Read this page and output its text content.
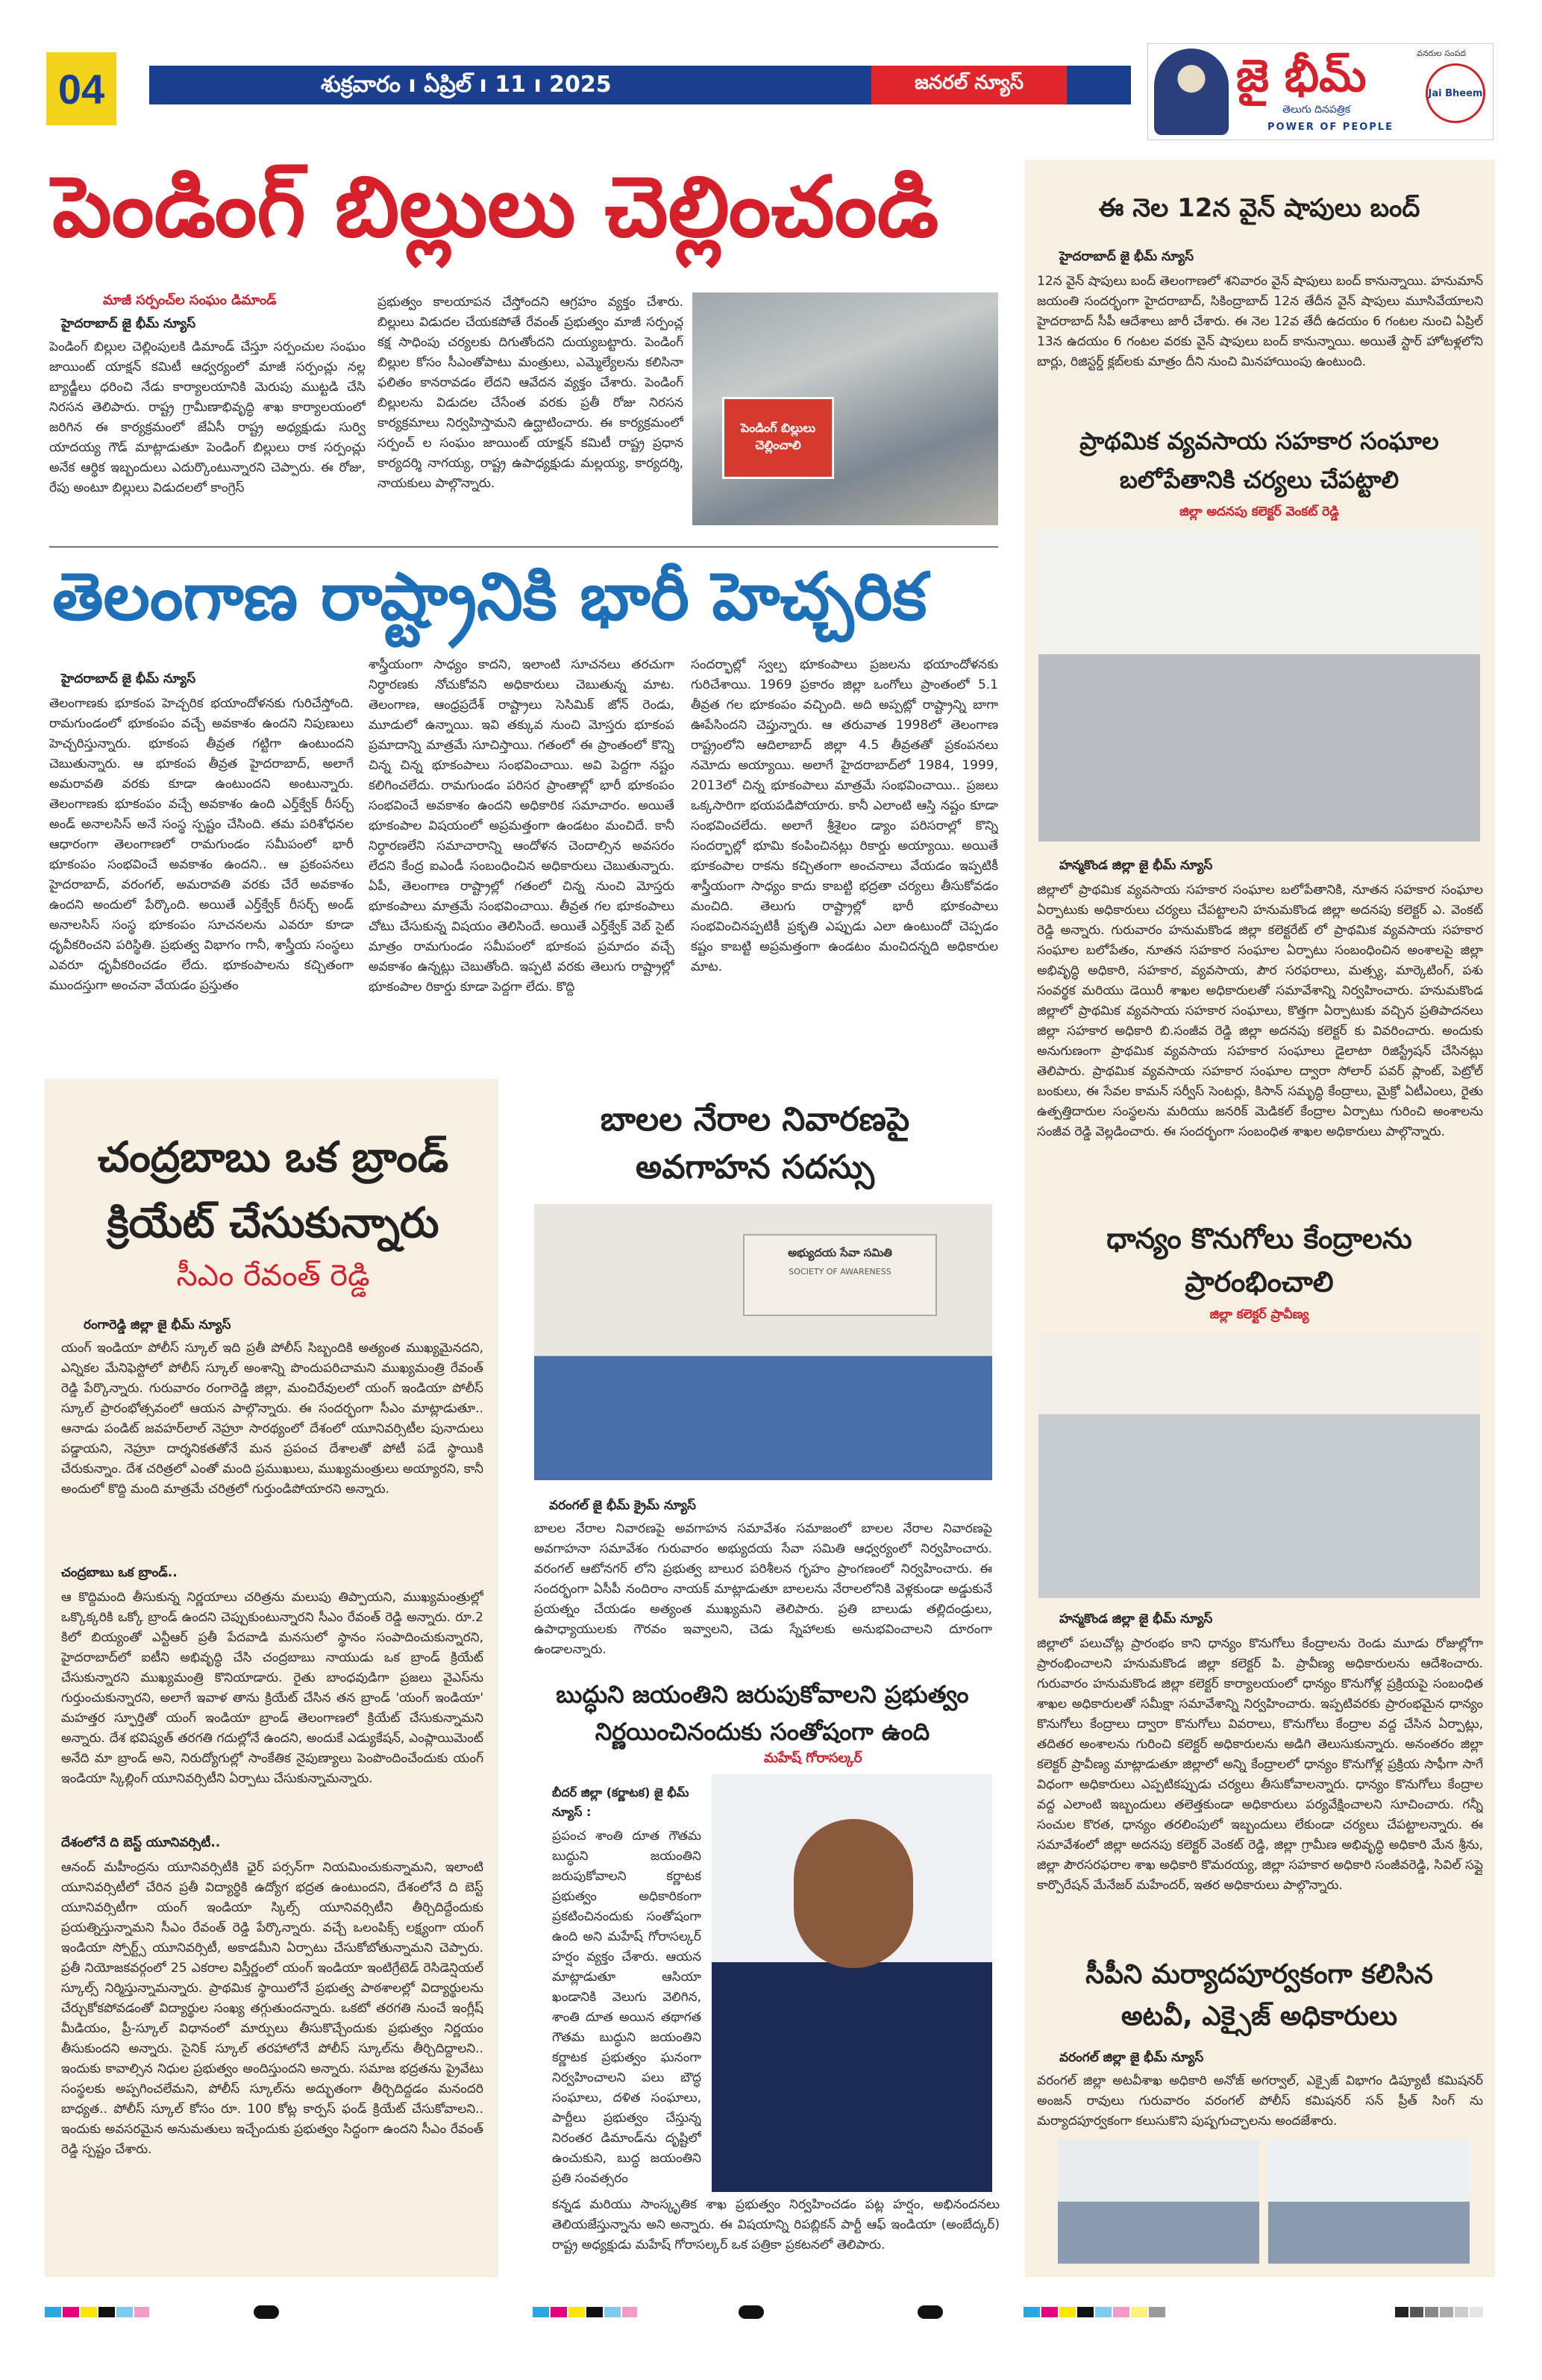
04	శుక్రవారం ı ఏప్రిల్ ı 11 ı 2025	జనరల్ న్యూస్
వనరుల సంపద
జై భీమ్
తెలుగు దినపత్రిక
POWER OF PEOPLE
Jai Bheem
పెండింగ్ బిల్లులు చెల్లించండి
మాజీ సర్పంచ్‌ల సంఘం డిమాండ్
హైదరాబాద్ జై భీమ్ న్యూస్
పెండింగ్ బిల్లుల చెల్లింపులకి డిమాండ్ చేస్తూ సర్పంచుల సంఘం జాయింట్ యాక్షన్ కమిటీ ఆధ్వర్యంలో మాజీ సర్పంచ్లు నల్ల బ్యాడ్జీలు ధరించి నేడు కార్యాలయానికి మెరుపు ముట్టడి చేసి నిరసన తెలిపారు. రాష్ట్ర గ్రామీణాభివృద్ధి శాఖ కార్యాలయంలో జరిగిన ఈ కార్యక్రమంలో జేఏసీ రాష్ట్ర అధ్యక్షుడు సుర్వి యాదయ్య గౌడ్ మాట్లాడుతూ పెండింగ్ బిల్లులు రాక సర్పంచ్లు అనేక ఆర్థిక ఇబ్బందులు ఎదుర్కొంటున్నారని చెప్పారు. ఈ రోజు, రేపు అంటూ బిల్లులు విడుదలలో కాంగ్రెస్
ప్రభుత్వం కాలయాపన చేస్తోందని ఆగ్రహం వ్యక్తం చేశారు. బిల్లులు విడుదల చేయకపోతే రేవంత్ ప్రభుత్వం మాజీ సర్పంచ్ల కక్ష సాధింపు చర్యలకు దిగుతోందని దుయ్యబట్టారు. పెండింగ్ బిల్లుల కోసం సీఎంతోపాటు మంత్రులు, ఎమ్మెల్యేలను కలిసినా ఫలితం కానరావడం లేదని ఆవేదన వ్యక్తం చేశారు. పెండింగ్ బిల్లులను విడుదల చేసేంత వరకు ప్రతీ రోజు నిరసన కార్యక్రమాలు నిర్వహిస్తామని ఉద్ఘాటించారు. ఈ కార్యక్రమంలో సర్పంచ్ ల సంఘం జాయింట్ యాక్షన్ కమిటీ రాష్ట్ర ప్రధాన కార్యదర్శి నాగయ్య, రాష్ట్ర ఉపాధ్యక్షుడు మల్లయ్య, కార్యదర్శి, నాయకులు పాల్గొన్నారు.
పెండింగ్ బిల్లులు చెల్లించాలి
తెలంగాణ రాష్ట్రానికి భారీ హెచ్చరిక
హైదరాబాద్ జై భీమ్ న్యూస్
తెలంగాణకు భూకంప హెచ్చరిక భయాందోళనకు గురిచేస్తోంది. రామగుండంలో భూకంపం వచ్చే అవకాశం ఉందని నిపుణులు హెచ్చరిస్తున్నారు. భూకంప తీవ్రత గట్టిగా ఉంటుందని చెబుతున్నారు. ఆ భూకంప తీవ్రత హైదరాబాద్, అలాగే అమరావతి వరకు కూడా ఉంటుందని అంటున్నారు. తెలంగాణకు భూకంపం వచ్చే అవకాశం ఉంది ఎర్త్‌క్వేక్ రీసర్చ్ అండ్ అనాలసిస్ అనే సంస్థ స్పష్టం చేసింది. తమ పరిశోధనల ఆధారంగా తెలంగాణలో రామగుండం సమీపంలో భారీ భూకంపం సంభవించే అవకాశం ఉందని.. ఆ ప్రకంపనలు హైదరాబాద్, వరంగల్, అమరావతి వరకు చేరే అవకాశం ఉందని అందులో పేర్కొంది. అయితే ఎర్త్‌క్వేక్ రీసర్చ్ అండ్ అనాలసిస్ సంస్థ భూకంపం సూచనలను ఎవరూ కూడా ధృవీకరించని పరిస్థితి. ప్రభుత్వ విభాగం గానీ, శాస్త్రీయ సంస్థలు ఎవరూ ధృవీకరించడం లేదు. భూకంపాలను కచ్చితంగా ముందస్తుగా అంచనా వేయడం ప్రస్తుతం
శాస్త్రీయంగా సాధ్యం కాదని, ఇలాంటి సూచనలు తరచుగా నిర్ధారణకు నోచుకోవని అధికారులు చెబుతున్న మాట. తెలంగాణ, ఆంధ్రప్రదేశ్ రాష్ట్రాలు సెసిమిక్ జోన్ రెండు, మూడులో ఉన్నాయి. ఇవి తక్కువ నుంచి మోస్తరు భూకంప ప్రమాదాన్ని మాత్రమే సూచిస్తాయి. గతంలో ఈ ప్రాంతంలో కొన్ని చిన్న చిన్న భూకంపాలు సంభవించాయి. అవి పెద్దగా నష్టం కలిగించలేదు. రామగుండం పరిసర ప్రాంతాల్లో భారీ భూకంపం సంభవించే అవకాశం ఉందని అధికారిక సమాచారం. అయితే భూకంపాల విషయంలో అప్రమత్తంగా ఉండటం మంచిదే. కానీ నిర్ధారణలేని సమాచారాన్ని ఆందోళన చెందాల్సిన అవసరం లేదని కేంద్ర ఐఎండీ సంబంధించిన అధికారులు చెబుతున్నారు. ఏపీ, తెలంగాణ రాష్ట్రాల్లో గతంలో చిన్న నుంచి మోస్తరు భూకంపాలు మాత్రమే సంభవించాయి. తీవ్రత గల భూకంపాలు చోటు చేసుకున్న విషయం తెలిసిందే. అయితే ఎర్త్‌క్వేక్ వెబ్ సైట్ మాత్రం రామగుండం సమీపంలో భూకంప ప్రమాదం వచ్చే అవకాశం ఉన్నట్లు చెబుతోంది. ఇప్పటి వరకు తెలుగు రాష్ట్రాల్లో భూకంపాల రికార్డు కూడా పెద్దగా లేదు. కొద్ది
సందర్భాల్లో స్వల్ప భూకంపాలు ప్రజలను భయాందోళనకు గురిచేశాయి. 1969 ప్రకారం జిల్లా ఒంగోలు ప్రాంతంలో 5.1 తీవ్రత గల భూకంపం వచ్చింది. అది అప్పట్లో రాష్ట్రాన్ని బాగా ఊపేసిందని చెప్తున్నారు. ఆ తరువాత 1998లో తెలంగాణ రాష్ట్రంలోని ఆదిలాబాద్ జిల్లా 4.5 తీవ్రతతో ప్రకంపనలు నమోదు అయ్యాయి. అలాగే హైదరాబాద్‌లో 1984, 1999, 2013లో చిన్న భూకంపాలు మాత్రమే సంభవించాయి.. ప్రజలు ఒక్కసారిగా భయపడిపోయారు. కానీ ఎలాంటి ఆస్తి నష్టం కూడా సంభవించలేదు. అలాగే శ్రీశైలం డ్యాం పరిసరాల్లో కొన్ని సందర్భాల్లో భూమి కంపించినట్లు రికార్డు అయ్యాయి. అయితే భూకంపాల రాకను కచ్చితంగా అంచనాలు వేయడం ఇప్పటికీ శాస్త్రీయంగా సాధ్యం కాదు కాబట్టి భద్రతా చర్యలు తీసుకోవడం మంచిది. తెలుగు రాష్ట్రాల్లో భారీ భూకంపాలు సంభవించినప్పటికీ ప్రకృతి ఎప్పుడు ఎలా ఉంటుందో చెప్పడం కష్టం కాబట్టి అప్రమత్తంగా ఉండటం మంచిదన్నది అధికారుల మాట.
చంద్రబాబు ఒక బ్రాండ్
క్రియేట్ చేసుకున్నారు
సీఎం రేవంత్ రెడ్డి
రంగారెడ్డి జిల్లా జై భీమ్ న్యూస్
యంగ్ ఇండియా పోలీస్ స్కూల్ ఇది ప్రతీ పోలీస్ సిబ్బందికి అత్యంత ముఖ్యమైనదని, ఎన్నికల మేనిఫెస్టోలో పోలీస్ స్కూల్ అంశాన్ని పొందుపరిచామని ముఖ్యమంత్రి రేవంత్ రెడ్డి పేర్కొన్నారు. గురువారం రంగారెడ్డి జిల్లా, మంచిరేవులలో యంగ్ ఇండియా పోలీస్ స్కూల్ ప్రారంభోత్సవంలో ఆయన పాల్గొన్నారు. ఈ సందర్భంగా సీఎం మాట్లాడుతూ.. ఆనాడు పండిట్ జవహర్‌లాల్ నెహ్రూ సారథ్యంలో దేశంలో యూనివర్సిటీల పునాదులు పడ్డాయని, నెహ్రూ దార్శనికతతోనే మన ప్రపంచ దేశాలతో పోటీ పడే స్థాయికి చేరుకున్నాం. దేశ చరిత్రలో ఎంతో మంది ప్రముఖులు, ముఖ్యమంత్రులు అయ్యారని, కానీ అందులో కొద్ది మంది మాత్రమే చరిత్రలో గుర్తుండిపోయారని అన్నారు.
చంద్రబాబు ఒక బ్రాండ్..
ఆ కొద్దిమంది తీసుకున్న నిర్ణయాలు చరిత్రను మలుపు తిప్పాయని, ముఖ్యమంత్రుల్లో ఒక్కొక్కరికి ఒక్కో బ్రాండ్ ఉందని చెప్పుకుంటున్నారని సీఎం రేవంత్ రెడ్డి అన్నారు. రూ.2 కిలో బియ్యంతో ఎన్టీఆర్ ప్రతీ పేదవాడి మనసులో స్థానం సంపాదించుకున్నారని, హైదరాబాద్‌లో ఐటీని అభివృద్ధి చేసి చంద్రబాబు నాయుడు ఒక బ్రాండ్ క్రియేట్ చేసుకున్నారని ముఖ్యమంత్రి కొనియాడారు. రైతు బాంధవుడిగా ప్రజలు వైఎస్‌ను గుర్తుంచుకున్నారని, అలాగే ఇవాళ తాను క్రియేట్ చేసిన తన బ్రాండ్ 'యంగ్ ఇండియా' మహత్తర స్ఫూర్తితో యంగ్ ఇండియా బ్రాండ్ తెలంగాణలో క్రియేట్ చేసుకున్నామని అన్నారు. దేశ భవిష్యత్ తరగతి గదుల్లోనే ఉందని, అందుకే ఎడ్యుకేషన్, ఎంప్లాయిమెంట్ అనేది మా బ్రాండ్ అని, నిరుద్యోగుల్లో సాంకేతిక నైపుణ్యాలు పెంపొందించేందుకు యంగ్ ఇండియా స్కిల్లింగ్ యూనివర్సిటీని ఏర్పాటు చేసుకున్నామన్నారు.
దేశంలోనే ది బెస్ట్ యూనివర్సిటీ..
ఆనంద్ మహీంద్రను యూనివర్సిటీకి ఛైర్ పర్సన్‌గా నియమించుకున్నామని, ఇలాంటి యూనివర్సిటీలో చేరిన ప్రతీ విద్యార్థికి ఉద్యోగ భద్రత ఉంటుందని, దేశంలోనే ది బెస్ట్ యూనివర్సిటీగా యంగ్ ఇండియా స్కిల్స్ యూనివర్సిటీని తీర్చిదిద్దేందుకు ప్రయత్నిస్తున్నామని సీఎం రేవంత్ రెడ్డి పేర్కొన్నారు. వచ్చే ఒలంపిక్స్ లక్ష్యంగా యంగ్ ఇండియా స్పోర్ట్స్ యూనివర్సిటీ, అకాడమీని ఏర్పాటు చేసుకోబోతున్నామని చెప్పారు. ప్రతీ నియోజకవర్గంలో 25 ఎకరాల విస్తీర్ణంలో యంగ్ ఇండియా ఇంటిగ్రేటెడ్ రెసిడెన్షియల్ స్కూల్స్ నిర్మిస్తున్నామన్నారు. ప్రాథమిక స్థాయిలోనే ప్రభుత్వ పాఠశాలల్లో విద్యార్థులను చేర్చుకోకపోవడంతో విద్యార్థుల సంఖ్య తగ్గుతుందన్నారు. ఒకటో తరగతి నుంచే ఇంగ్లీష్ మీడియం, ప్రీ-స్కూల్ విధానంలో మార్పులు తీసుకొచ్చేందుకు ప్రభుత్వం నిర్ణయం తీసుకుందని అన్నారు. సైనిక్ స్కూల్ తరహాలోనే పోలీస్ స్కూల్‌ను తీర్చిదిద్దాలని.. ఇందుకు కావాల్సిన నిధుల ప్రభుత్వం అందిస్తుందని అన్నారు. సమాజ భద్రతను ప్రైవేటు సంస్థలకు అప్పగించలేమని, పోలీస్ స్కూల్‌ను అద్భుతంగా తీర్చిదిద్దడం మనందరి బాధ్యత.. పోలీస్ స్కూల్ కోసం రూ. 100 కోట్ల కార్పస్ ఫండ్ క్రియేట్ చేసుకోవాలని.. ఇందుకు అవసరమైన అనుమతులు ఇచ్చేందుకు ప్రభుత్వం సిద్ధంగా ఉందని సీఎం రేవంత్ రెడ్డి స్పష్టం చేశారు.
బాలల నేరాల నివారణపై
అవగాహన సదస్సు
అభ్యుదయ సేవా సమితి
SOCIETY OF AWARENESS
వరంగల్ జై భీమ్ క్రైమ్ న్యూస్
బాలల నేరాల నివారణపై అవగాహన సమావేశం సమాజంలో బాలల నేరాల నివారణపై అవగాహనా సమావేశం గురువారం అభ్యుదయ సేవా సమితి ఆధ్వర్యంలో నిర్వహించారు. వరంగల్ ఆటోనగర్ లోని ప్రభుత్వ బాలుర పరిశీలన గృహం ప్రాంగణంలో నిర్వహించారు. ఈ సందర్భంగా ఏసీపీ నందిరాం నాయక్ మాట్లాడుతూ బాలలను నేరాలలోనికి వెళ్లకుండా అడ్డుకునే ప్రయత్నం చేయడం అత్యంత ముఖ్యమని తెలిపారు. ప్రతి బాలుడు తల్లిదండ్రులు, ఉపాధ్యాయులకు గౌరవం ఇవ్వాలని, చెడు స్నేహాలకు అనుభవించాలని దూరంగా ఉండాలన్నారు.
బుద్ధుని జయంతిని జరుపుకోవాలని ప్రభుత్వం
నిర్ణయించినందుకు సంతోషంగా ఉంది
మహేష్ గోరాసల్కర్
బీదర్ జిల్లా (కర్ణాటక) జై భీమ్ న్యూస్ :
ప్రపంచ శాంతి దూత గౌతమ బుద్ధుని జయంతిని జరుపుకోవాలని కర్ణాటక ప్రభుత్వం అధికారికంగా ప్రకటించినందుకు సంతోషంగా ఉంది అని మహేష్ గోరాసల్కర్ హర్షం వ్యక్తం చేశారు. ఆయన మాట్లాడుతూ ఆసియా ఖండానికి వెలుగు వెలిగిన, శాంతి దూత అయిన తథాగత గౌతమ బుద్ధుని జయంతిని కర్ణాటక ప్రభుత్వం ఘనంగా నిర్వహించాలని పలు బౌద్ధ సంఘాలు, దళిత సంఘాలు, పార్టీలు ప్రభుత్వం చేస్తున్న నిరంతర డిమాండ్‌ను దృష్టిలో ఉంచుకుని, బుద్ధ జయంతిని ప్రతి సంవత్సరం
కన్నడ మరియు సాంస్కృతిక శాఖ ప్రభుత్వం నిర్వహించడం పట్ల హర్షం, అభినందనలు తెలియజేస్తున్నాను అని అన్నారు. ఈ విషయాన్ని రిపబ్లికన్ పార్టీ ఆఫ్ ఇండియా (అంబేద్కర్) రాష్ట్ర అధ్యక్షుడు మహేష్ గోరాసల్కర్ ఒక పత్రికా ప్రకటనలో తెలిపారు.
ఈ నెల 12న వైన్ షాపులు బంద్
హైదరాబాద్ జై భీమ్ న్యూస్
12న వైన్ షాపులు బంద్ తెలంగాణలో శనివారం వైన్ షాపులు బంద్ కానున్నాయి. హనుమాన్ జయంతి సందర్భంగా హైదరాబాద్, సికింద్రాబాద్ 12న తేదీన వైన్ షాపులు మూసివేయాలని హైదరాబాద్ సీపీ ఆదేశాలు జారీ చేశారు. ఈ నెల 12వ తేదీ ఉదయం 6 గంటల నుంచి ఏప్రిల్ 13న ఉదయం 6 గంటల వరకు వైన్ షాపులు బంద్ కానున్నాయి. అయితే స్టార్ హోటళ్లలోని బార్లు, రిజిస్టర్డ్ క్లబ్‌లకు మాత్రం దీని నుంచి మినహాయింపు ఉంటుంది.
ప్రాథమిక వ్యవసాయ సహకార సంఘాల
బలోపేతానికి చర్యలు చేపట్టాలి
జిల్లా అదనపు కలెక్టర్ వెంకట్ రెడ్డి
హన్మకొండ జిల్లా జై భీమ్ న్యూస్
జిల్లాలో ప్రాథమిక వ్యవసాయ సహకార సంఘాల బలోపేతానికి, నూతన సహకార సంఘాల ఏర్పాటుకు అధికారులు చర్యలు చేపట్టాలని హనుమకొండ జిల్లా అదనపు కలెక్టర్ ఎ. వెంకట్ రెడ్డి అన్నారు. గురువారం హనుమకొండ జిల్లా కలెక్టరేట్ లో ప్రాథమిక వ్యవసాయ సహకార సంఘాల బలోపేతం, నూతన సహకార సంఘాల ఏర్పాటు సంబంధించిన అంశాలపై జిల్లా అభివృద్ధి అధికారి, సహకార, వ్యవసాయ, పౌర సరఫరాలు, మత్స్య, మార్కెటింగ్, పశు సంవర్థక మరియు డెయిరీ శాఖల అధికారులతో సమావేశాన్ని నిర్వహించారు. హనుమకొండ జిల్లాలో ప్రాథమిక వ్యవసాయ సహకార సంఘాలు, కొత్తగా ఏర్పాటుకు వచ్చిన ప్రతిపాదనలు జిల్లా సహకార అధికారి బి.సంజీవ రెడ్డి జిల్లా అదనపు కలెక్టర్ కు వివరించారు. అందుకు అనుగుణంగా ప్రాథమిక వ్యవసాయ సహకార సంఘాలు డైలాటా రిజిస్ట్రేషన్ చేసినట్లు తెలిపారు. ప్రాథమిక వ్యవసాయ సహకార సంఘాల ద్వారా సోలార్ పవర్ ప్లాంట్, పెట్రోల్ బంకులు, ఈ సేవల కామన్ సర్వీస్ సెంటర్లు, కిసాన్ సమృద్ధి కేంద్రాలు, మైక్రో ఏటీఎంలు, రైతు ఉత్పత్తిదారుల సంస్థలను మరియు జనరిక్ మెడికల్ కేంద్రాల ఏర్పాటు గురించి అంశాలను సంజీవ రెడ్డి వెల్లడించారు. ఈ సందర్భంగా సంబంధిత శాఖల అధికారులు పాల్గొన్నారు.
ధాన్యం కొనుగోలు కేంద్రాలను
ప్రారంభించాలి
జిల్లా కలెక్టర్ ప్రావీణ్య
హన్మకొండ జిల్లా జై భీమ్ న్యూస్
జిల్లాలో పలుచోట్ల ప్రారంభం కాని ధాన్యం కొనుగోలు కేంద్రాలను రెండు మూడు రోజుల్లోగా ప్రారంభించాలని హనుమకొండ జిల్లా కలెక్టర్ పి. ప్రావీణ్య అధికారులను ఆదేశించారు. గురువారం హనుమకొండ జిల్లా కలెక్టర్ కార్యాలయంలో ధాన్యం కొనుగోళ్ల ప్రక్రియపై సంబంధిత శాఖల అధికారులతో సమీక్షా సమావేశాన్ని నిర్వహించారు. ఇప్పటివరకు ప్రారంభమైన ధాన్యం కొనుగోలు కేంద్రాలు ద్వారా కొనుగోలు వివరాలు, కొనుగోలు కేంద్రాల వద్ద చేసిన ఏర్పాట్లు, తదితర అంశాలను గురించి కలెక్టర్ అధికారులను అడిగి తెలుసుకున్నారు. అనంతరం జిల్లా కలెక్టర్ ప్రావీణ్య మాట్లాడుతూ జిల్లాలో అన్ని కేంద్రాలలో ధాన్యం కొనుగోళ్ల ప్రక్రియ సాఫీగా సాగే విధంగా అధికారులు ఎప్పటికప్పుడు చర్యలు తీసుకోవాలన్నారు. ధాన్యం కొనుగోలు కేంద్రాల వద్ద ఎలాంటి ఇబ్బందులు తలెత్తకుండా అధికారులు పర్యవేక్షించాలని సూచించారు. గన్నీ సంచుల కొరత, ధాన్యం తరలింపులో ఇబ్బందులు లేకుండా చర్యలు చేపట్టాలన్నారు. ఈ సమావేశంలో జిల్లా అదనపు కలెక్టర్ వెంకట్ రెడ్డి, జిల్లా గ్రామీణ అభివృద్ధి అధికారి మేన శ్రీను, జిల్లా పౌరసరఫరాల శాఖ అధికారి కొమరయ్య, జిల్లా సహకార అధికారి సంజీవరెడ్డి, సివిల్ సప్లై కార్పొరేషన్ మేనేజర్ మహేందర్, ఇతర అధికారులు పాల్గొన్నారు.
సీపీని మర్యాదపూర్వకంగా కలిసిన
అటవీ, ఎక్సైజ్ అధికారులు
వరంగల్ జిల్లా జై భీమ్ న్యూస్
వరంగల్ జిల్లా అటవీశాఖ అధికారి అనోజ్ అగర్వాల్, ఎక్సైజ్ విభాగం డిప్యూటీ కమిషనర్ అంజన్ రావులు గురువారం వరంగల్ పోలీస్ కమిషనర్ సన్ ప్రీత్ సింగ్ ను మర్యాదపూర్వకంగా కలుసుకొని పుష్పగుచ్ఛాలను అందజేశారు.
